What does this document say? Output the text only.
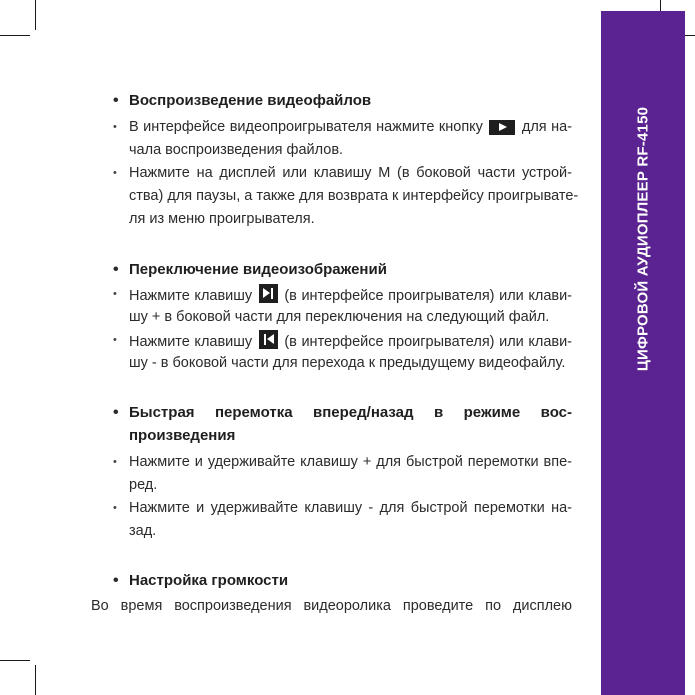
ЦИФРОВОЙ АУДИОПЛЕЕР RF-4150
• Воспроизведение видеофайлов
• В интерфейсе видеопроигрывателя нажмите кнопку	для на-
чала воспроизведения файлов.
• Нажмите на дисплей или клавишу M (в боковой части устрой-
ства) для паузы, а также для возврата к интерфейсу проигрывате-
ля из меню проигрывателя.
• Переключение видеоизображений
• Нажмите клавишу (в интерфейсе проигрывателя) или клави-
шу + в боковой части для переключения на следующий файл.
• Нажмите клавишу (в интерфейсе проигрывателя) или клави-
шу - в боковой части для перехода к предыдущему видеофайлу.
• Быстрая перемотка вперед/назад в режиме вос-
произведения
• Нажмите и удерживайте клавишу + для быстрой перемотки впе-
ред.
• Нажмите и удерживайте клавишу - для быстрой перемотки на-
зад.
• Настройка громкости
Во время воспроизведения видеоролика проведите по дисплею
